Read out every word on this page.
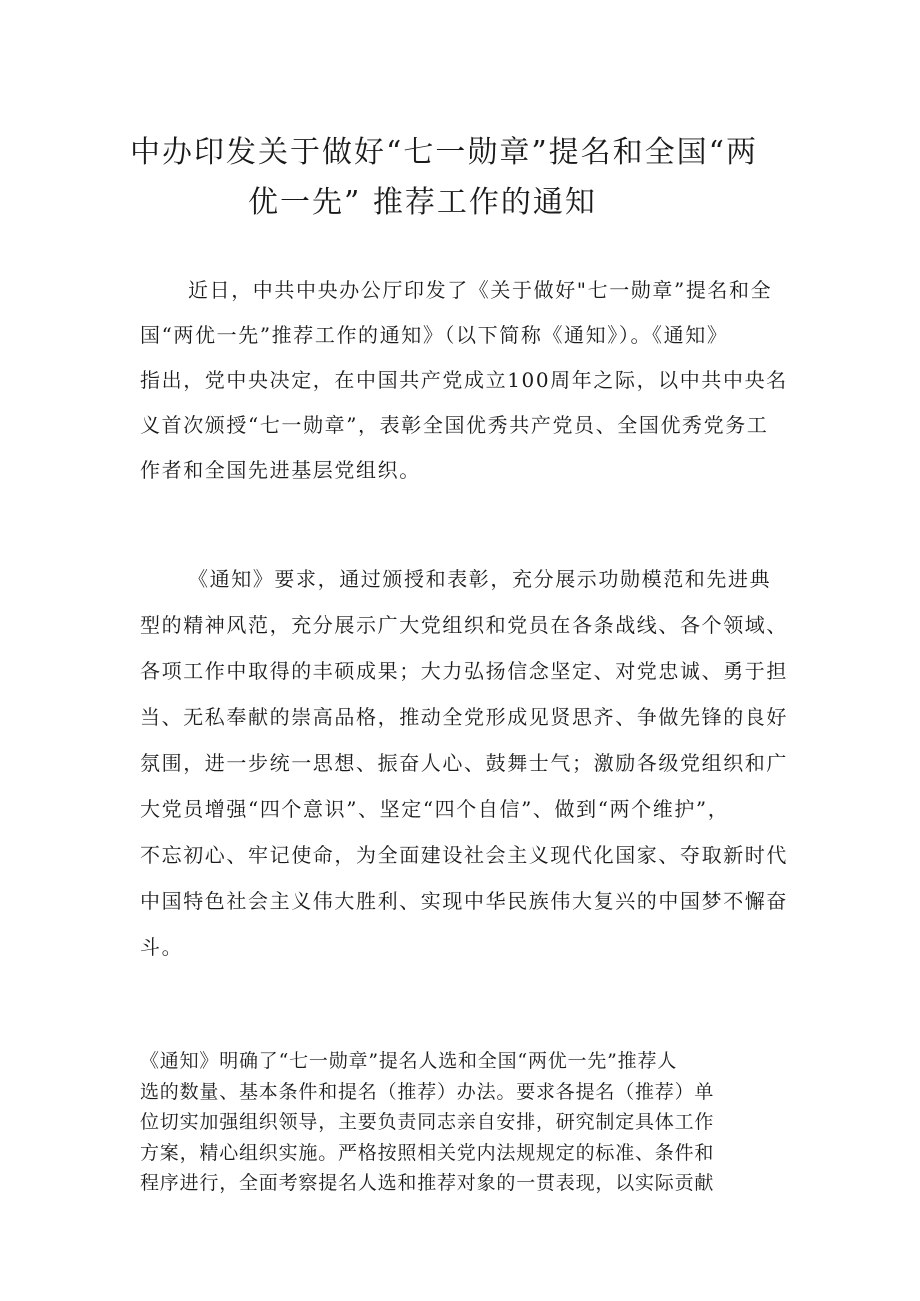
中办印发关于做好“七一勋章”提名和全国“两
优一先” 推荐工作的通知

近日，中共中央办公厅印发了《关于做好"七一勋章”提名和全
国“两优一先”推荐工作的通知》（以下简称《通知》）。《通知》
指出，党中央决定，在中国共产党成立100周年之际，以中共中央名
义首次颁授“七一勋章”，表彰全国优秀共产党员、全国优秀党务工
作者和全国先进基层党组织。

《通知》要求，通过颁授和表彰，充分展示功勋模范和先进典
型的精神风范，充分展示广大党组织和党员在各条战线、各个领域、
各项工作中取得的丰硕成果；大力弘扬信念坚定、对党忠诚、勇于担
当、无私奉献的崇高品格，推动全党形成见贤思齐、争做先锋的良好
氛围，进一步统一思想、振奋人心、鼓舞士气；激励各级党组织和广
大党员增强“四个意识”、坚定“四个自信”、做到“两个维护”，
不忘初心、牢记使命，为全面建设社会主义现代化国家、夺取新时代
中国特色社会主义伟大胜利、实现中华民族伟大复兴的中国梦不懈奋
斗。

《通知》明确了“七一勋章”提名人选和全国“两优一先”推荐人
选的数量、基本条件和提名（推荐）办法。要求各提名（推荐）单
位切实加强组织领导，主要负责同志亲自安排，研究制定具体工作
方案，精心组织实施。严格按照相关党内法规规定的标准、条件和
程序进行，全面考察提名人选和推荐对象的一贯表现，以实际贡献
